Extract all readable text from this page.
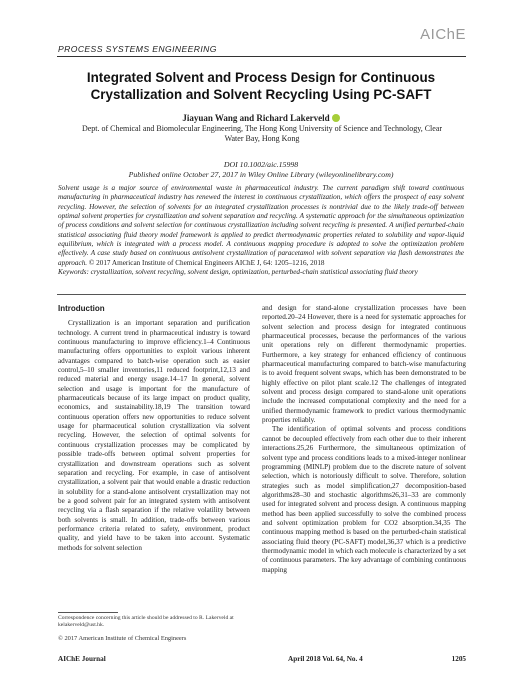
AIChE
PROCESS SYSTEMS ENGINEERING
Integrated Solvent and Process Design for Continuous Crystallization and Solvent Recycling Using PC-SAFT
Jiayuan Wang and Richard Lakerveld
Dept. of Chemical and Biomolecular Engineering, The Hong Kong University of Science and Technology, Clear Water Bay, Hong Kong
DOI 10.1002/aic.15998
Published online October 27, 2017 in Wiley Online Library (wileyonlinelibrary.com)
Solvent usage is a major source of environmental waste in pharmaceutical industry. The current paradigm shift toward continuous manufacturing in pharmaceutical industry has renewed the interest in continuous crystallization, which offers the prospect of easy solvent recycling. However, the selection of solvents for an integrated crystallization processes is nontrivial due to the likely trade-off between optimal solvent properties for crystallization and solvent separation and recycling. A systematic approach for the simultaneous optimization of process conditions and solvent selection for continuous crystallization including solvent recycling is presented. A unified perturbed-chain statistical associating fluid theory model framework is applied to predict thermodynamic properties related to solubility and vapor-liquid equilibrium, which is integrated with a process model. A continuous mapping procedure is adopted to solve the optimization problem effectively. A case study based on continuous antisolvent crystallization of paracetamol with solvent separation via flash demonstrates the approach. © 2017 American Institute of Chemical Engineers AIChE J, 64: 1205–1216, 2018
Keywords: crystallization, solvent recycling, solvent design, optimization, perturbed-chain statistical associating fluid theory
Introduction

Crystallization is an important separation and purification technology. A current trend in pharmaceutical industry is toward continuous manufacturing to improve efficiency.1–4 Continuous manufacturing offers opportunities to exploit various inherent advantages compared to batch-wise operation such as easier control,5–10 smaller inventories,11 reduced footprint,12,13 and reduced material and energy usage.14–17 In general, solvent selection and usage is important for the manufacture of pharmaceuticals because of its large impact on product quality, economics, and sustainability.18,19 The transition toward continuous operation offers new opportunities to reduce solvent usage for pharmaceutical solution crystallization via solvent recycling. However, the selection of optimal solvents for continuous crystallization processes may be complicated by possible trade-offs between optimal solvent properties for crystallization and downstream operations such as solvent separation and recycling. For example, in case of antisolvent crystallization, a solvent pair that would enable a drastic reduction in solubility for a stand-alone antisolvent crystallization may not be a good solvent pair for an integrated system with antisolvent recycling via a flash separation if the relative volatility between both solvents is small. In addition, trade-offs between various performance criteria related to safety, environment, product quality, and yield have to be taken into account. Systematic methods for solvent selection

and design for stand-alone crystallization processes have been reported.20–24 However, there is a need for systematic approaches for solvent selection and process design for integrated continuous pharmaceutical processes, because the performances of the various unit operations rely on different thermodynamic properties. Furthermore, a key strategy for enhanced efficiency of continuous pharmaceutical manufacturing compared to batch-wise manufacturing is to avoid frequent solvent swaps, which has been demonstrated to be highly effective on pilot plant scale.12 The challenges of integrated solvent and process design compared to stand-alone unit operations include the increased computational complexity and the need for a unified thermodynamic framework to predict various thermodynamic properties reliably.

The identification of optimal solvents and process conditions cannot be decoupled effectively from each other due to their inherent interactions.25,26 Furthermore, the simultaneous optimization of solvent type and process conditions leads to a mixed-integer nonlinear programming (MINLP) problem due to the discrete nature of solvent selection, which is notoriously difficult to solve. Therefore, solution strategies such as model simplification,27 decomposition-based algorithms28–30 and stochastic algorithms26,31–33 are commonly used for integrated solvent and process design. A continuous mapping method has been applied successfully to solve the combined process and solvent optimization problem for CO2 absorption.34,35 The continuous mapping method is based on the perturbed-chain statistical associating fluid theory (PC-SAFT) model,36,37 which is a predictive thermodynamic model in which each molecule is characterized by a set of continuous parameters. The key advantage of combining continuous mapping

Correspondence concerning this article should be addressed to R. Lakerveld at kelakerveld@ust.hk.
© 2017 American Institute of Chemical Engineers
AIChE Journal	April 2018 Vol. 64, No. 4	1205
